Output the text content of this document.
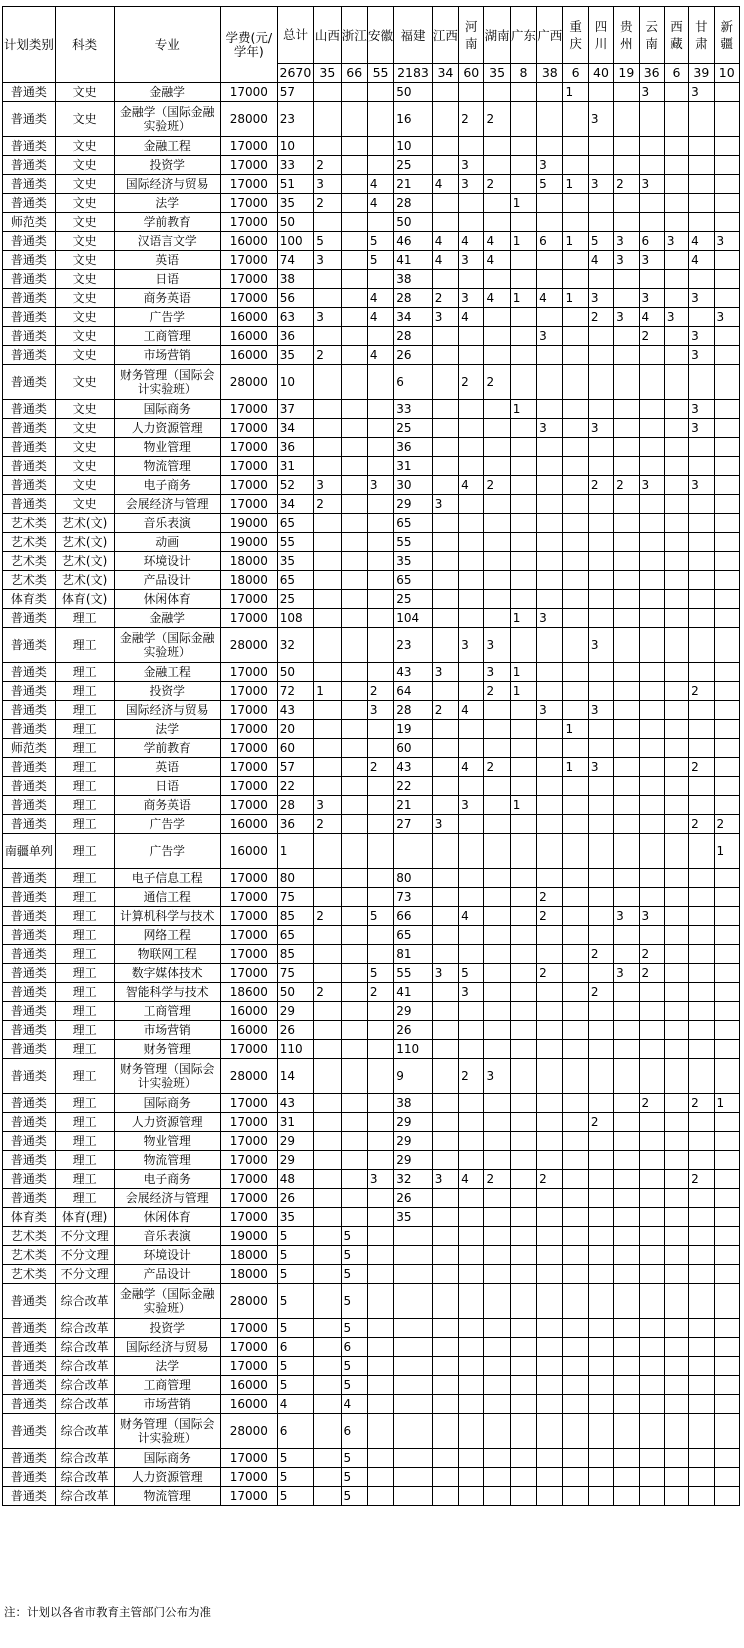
计划类别	科类	专业	学费(元/学年)	总计	山西	浙江	安徽	福建	江西	河南	湖南	广东	广西	重庆	四川	贵州	云南	西藏	甘肃	新疆
				2670	35	66	55	2183	34	60	35	8	38	6	40	19	36	6	39	10
普通类	文史	金融学	17000	57				50						1			3		3	
普通类	文史	金融学（国际金融实验班）	28000	23				16		2	2				3					
普通类	文史	金融工程	17000	10				10												
普通类	文史	投资学	17000	33	2			25		3			3							
普通类	文史	国际经济与贸易	17000	51	3		4	21	4	3	2		5	1	3	2	3			
普通类	文史	法学	17000	35	2		4	28				1								
师范类	文史	学前教育	17000	50				50												
普通类	文史	汉语言文学	16000	100	5		5	46	4	4	4	1	6	1	5	3	6	3	4	3
普通类	文史	英语	17000	74	3		5	41	4	3	4				4	3	3		4	
普通类	文史	日语	17000	38				38												
普通类	文史	商务英语	17000	56			4	28	2	3	4	1	4	1	3		3		3	
普通类	文史	广告学	16000	63	3		4	34	3	4					2	3	4	3		3
普通类	文史	工商管理	16000	36				28					3				2		3	
普通类	文史	市场营销	16000	35	2		4	26											3	
普通类	文史	财务管理（国际会计实验班）	28000	10				6		2	2									
普通类	文史	国际商务	17000	37				33				1							3	
普通类	文史	人力资源管理	17000	34				25					3		3				3	
普通类	文史	物业管理	17000	36				36												
普通类	文史	物流管理	17000	31				31												
普通类	文史	电子商务	17000	52	3		3	30		4	2				2	2	3		3	
普通类	文史	会展经济与管理	17000	34	2			29	3											
艺术类	艺术(文)	音乐表演	19000	65				65												
艺术类	艺术(文)	动画	19000	55				55												
艺术类	艺术(文)	环境设计	18000	35				35												
艺术类	艺术(文)	产品设计	18000	65				65												
体育类	体育(文)	休闲体育	17000	25				25												
普通类	理工	金融学	17000	108				104				1	3							
普通类	理工	金融学（国际金融实验班）	28000	32				23		3	3				3					
普通类	理工	金融工程	17000	50				43	3		3	1								
普通类	理工	投资学	17000	72	1		2	64			2	1							2	
普通类	理工	国际经济与贸易	17000	43			3	28	2	4			3		3					
普通类	理工	法学	17000	20				19						1						
师范类	理工	学前教育	17000	60				60												
普通类	理工	英语	17000	57			2	43		4	2			1	3				2	
普通类	理工	日语	17000	22				22												
普通类	理工	商务英语	17000	28	3			21		3		1								
普通类	理工	广告学	16000	36	2			27	3										2	2
南疆单列	理工	广告学	16000	1																1
普通类	理工	电子信息工程	17000	80				80												
普通类	理工	通信工程	17000	75				73					2							
普通类	理工	计算机科学与技术	17000	85	2		5	66		4			2			3	3			
普通类	理工	网络工程	17000	65				65												
普通类	理工	物联网工程	17000	85				81							2		2			
普通类	理工	数字媒体技术	17000	75			5	55	3	5			2			3	2			
普通类	理工	智能科学与技术	18600	50	2		2	41		3					2					
普通类	理工	工商管理	16000	29				29												
普通类	理工	市场营销	16000	26				26												
普通类	理工	财务管理	17000	110				110												
普通类	理工	财务管理（国际会计实验班）	28000	14				9		2	3									
普通类	理工	国际商务	17000	43				38									2		2	1
普通类	理工	人力资源管理	17000	31				29							2					
普通类	理工	物业管理	17000	29				29												
普通类	理工	物流管理	17000	29				29												
普通类	理工	电子商务	17000	48			3	32	3	4	2		2						2	
普通类	理工	会展经济与管理	17000	26				26												
体育类	体育(理)	休闲体育	17000	35				35												
艺术类	不分文理	音乐表演	19000	5		5														
艺术类	不分文理	环境设计	18000	5		5														
艺术类	不分文理	产品设计	18000	5		5														
普通类	综合改革	金融学（国际金融实验班）	28000	5		5														
普通类	综合改革	投资学	17000	5		5														
普通类	综合改革	国际经济与贸易	17000	6		6														
普通类	综合改革	法学	17000	5		5														
普通类	综合改革	工商管理	16000	5		5														
普通类	综合改革	市场营销	16000	4		4														
普通类	综合改革	财务管理（国际会计实验班）	28000	6		6														
普通类	综合改革	国际商务	17000	5		5														
普通类	综合改革	人力资源管理	17000	5		5														
普通类	综合改革	物流管理	17000	5		5														
注：计划以各省市教育主管部门公布为准
